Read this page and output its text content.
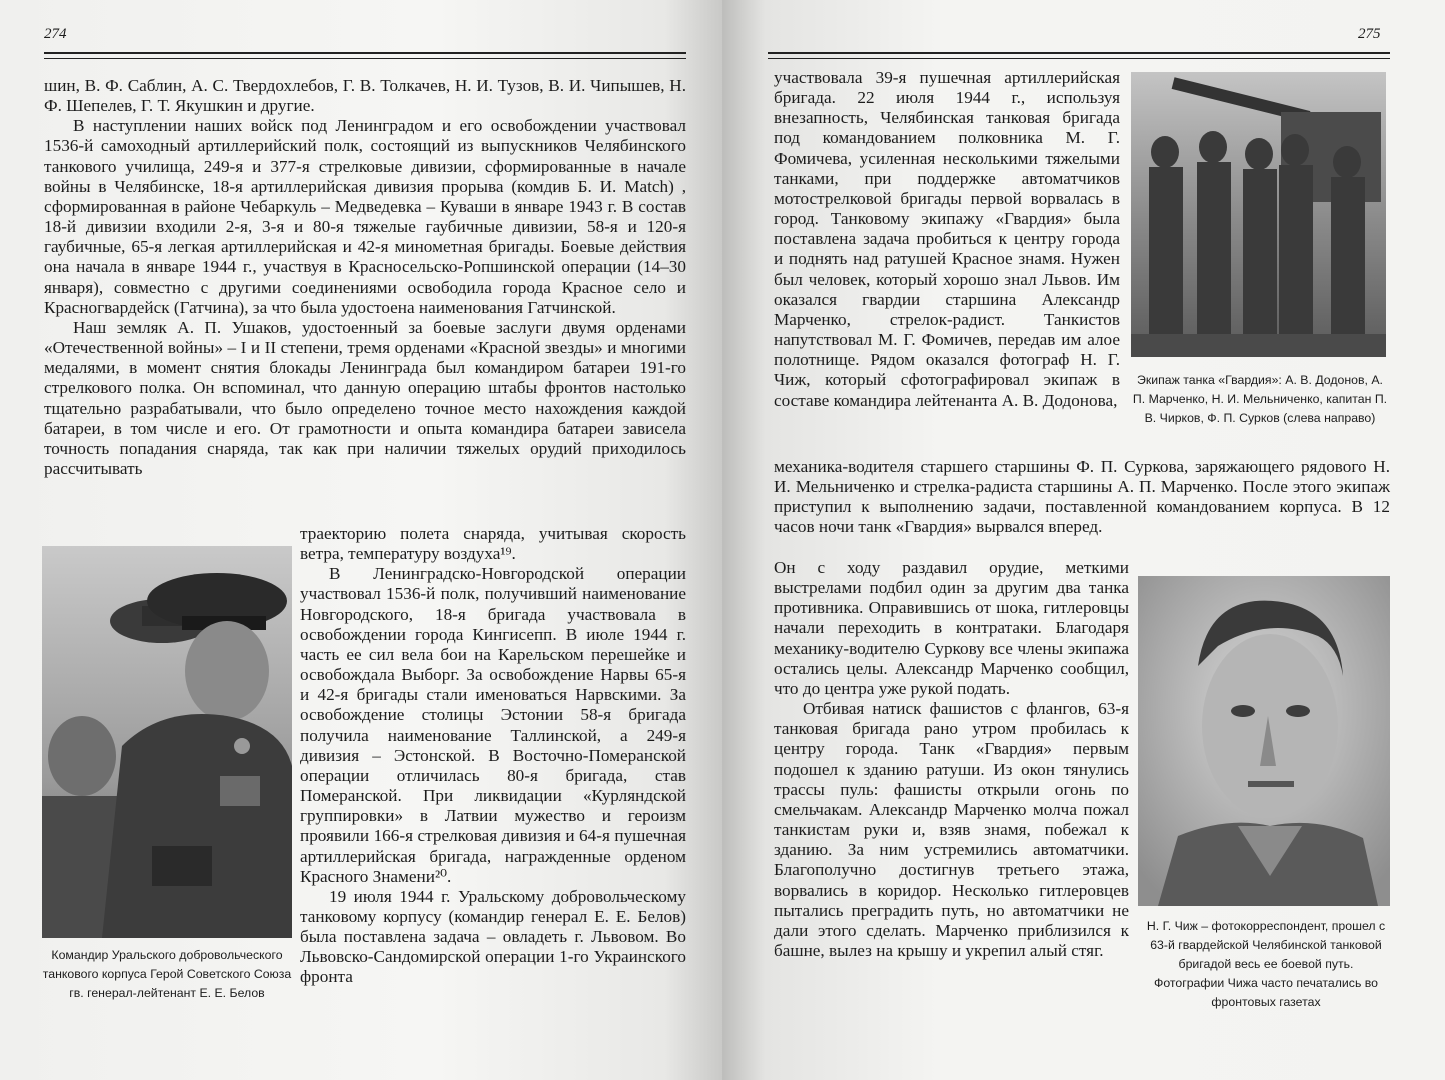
274

шин, В. Ф. Саблин, А. С. Твердохлебов, Г. В. Толкачев, Н. И. Тузов, В. И. Чипышев, Н. Ф. Шепелев, Г. Т. Якушкин и другие.

В наступлении наших войск под Ленинградом и его освобождении участвовал 1536-й самоходный артиллерийский полк, состоящий из выпускников Челябинского танкового училища, 249-я и 377-я стрелковые дивизии, сформированные в начале войны в Челябинске, 18-я артиллерийская дивизия прорыва (комдив Б. И. Match) , сформированная в районе Чебаркуль – Медведевка – Куваши в январе 1943 г. В состав 18-й дивизии входили 2-я, 3-я и 80-я тяжелые гаубичные дивизии, 58-я и 120-я гаубичные, 65-я легкая артиллерийская и 42-я минометная бригады. Боевые действия она начала в январе 1944 г., участвуя в Красносельско-Ропшинской операции (14–30 января), совместно с другими соединениями освободила города Красное село и Красногвардейск (Гатчина), за что была удостоена наименования Гатчинской.

Наш земляк А. П. Ушаков, удостоенный за боевые заслуги двумя орденами «Отечественной войны» – I и II степени, тремя орденами «Красной звезды» и многими медалями, в момент снятия блокады Ленинграда был командиром батареи 191-го стрелкового полка. Он вспоминал, что данную операцию штабы фронтов настолько тщательно разрабатывали, что было определено точное место нахождения каждой батареи, в том числе и его. От грамотности и опыта командира батареи зависела точность попадания снаряда, так как при наличии тяжелых орудий приходилось рассчитывать

Командир Уральского добровольческого танкового корпуса Герой Советского Союза гв. генерал-лейтенант Е. Е. Белов

траекторию полета снаряда, учитывая скорость ветра, температуру воздуха¹⁹.

В Ленинградско-Новгородской операции участвовал 1536-й полк, получивший наименование Новгородского, 18-я бригада участвовала в освобождении города Кингисепп. В июле 1944 г. часть ее сил вела бои на Карельском перешейке и освобождала Выборг. За освобождение Нарвы 65-я и 42-я бригады стали именоваться Нарвскими. За освобождение столицы Эстонии 58-я бригада получила наименование Таллинской, а 249-я дивизия – Эстонской. В Восточно-Померанской операции отличилась 80-я бригада, став Померанской. При ликвидации «Курляндской группировки» в Латвии мужество и героизм проявили 166-я стрелковая дивизия и 64-я пушечная артиллерийская бригада, награжденные орденом Красного Знамени²⁰.

19 июля 1944 г. Уральскому добровольческому танковому корпусу (командир генерал Е. Е. Белов) была поставлена задача – овладеть г. Львовом. Во Львовско-Сандомирской операции 1-го Украинского фронта

275

участвовала 39-я пушечная артиллерийская бригада. 22 июля 1944 г., используя внезапность, Челябинская танковая бригада под командованием полковника М. Г. Фомичева, усиленная несколькими тяжелыми танками, при поддержке автоматчиков мотострелковой бригады первой ворвалась в город. Танковому экипажу «Гвардия» была поставлена задача пробиться к центру города и поднять над ратушей Красное знамя. Нужен был человек, который хорошо знал Львов. Им оказался гвардии старшина Александр Марченко, стрелок-радист. Танкистов напутствовал М. Г. Фомичев, передав им алое полотнище. Рядом оказался фотограф Н. Г. Чиж, который сфотографировал экипаж в составе командира лейтенанта А. В. Додонова,

Экипаж танка «Гвардия»: А. В. Додонов, А. П. Марченко, Н. И. Мельниченко, капитан П. В. Чирков, Ф. П. Сурков (слева направо)

механика-водителя старшего старшины Ф. П. Суркова, заряжающего рядового Н. И. Мельниченко и стрелка-радиста старшины А. П. Марченко. После этого экипаж приступил к выполнению задачи, поставленной командованием корпуса. В 12 часов ночи танк «Гвардия» вырвался вперед.

Н. Г. Чиж – фотокорреспондент, прошел с 63-й гвардейской Челябинской танковой бригадой весь ее боевой путь. Фотографии Чижа часто печатались во фронтовых газетах

Он с ходу раздавил орудие, меткими выстрелами подбил один за другим два танка противника. Оправившись от шока, гитлеровцы начали переходить в контратаки. Благодаря механику-водителю Суркову все члены экипажа остались целы. Александр Марченко сообщил, что до центра уже рукой подать.

Отбивая натиск фашистов с флангов, 63-я танковая бригада рано утром пробилась к центру города. Танк «Гвардия» первым подошел к зданию ратуши. Из окон тянулись трассы пуль: фашисты открыли огонь по смельчакам. Александр Марченко молча пожал танкистам руки и, взяв знамя, побежал к зданию. За ним устремились автоматчики. Благополучно достигнув третьего этажа, ворвались в коридор. Несколько гитлеровцев пытались преградить путь, но автоматчики не дали этого сделать. Марченко приблизился к башне, вылез на крышу и укрепил алый стяг.
